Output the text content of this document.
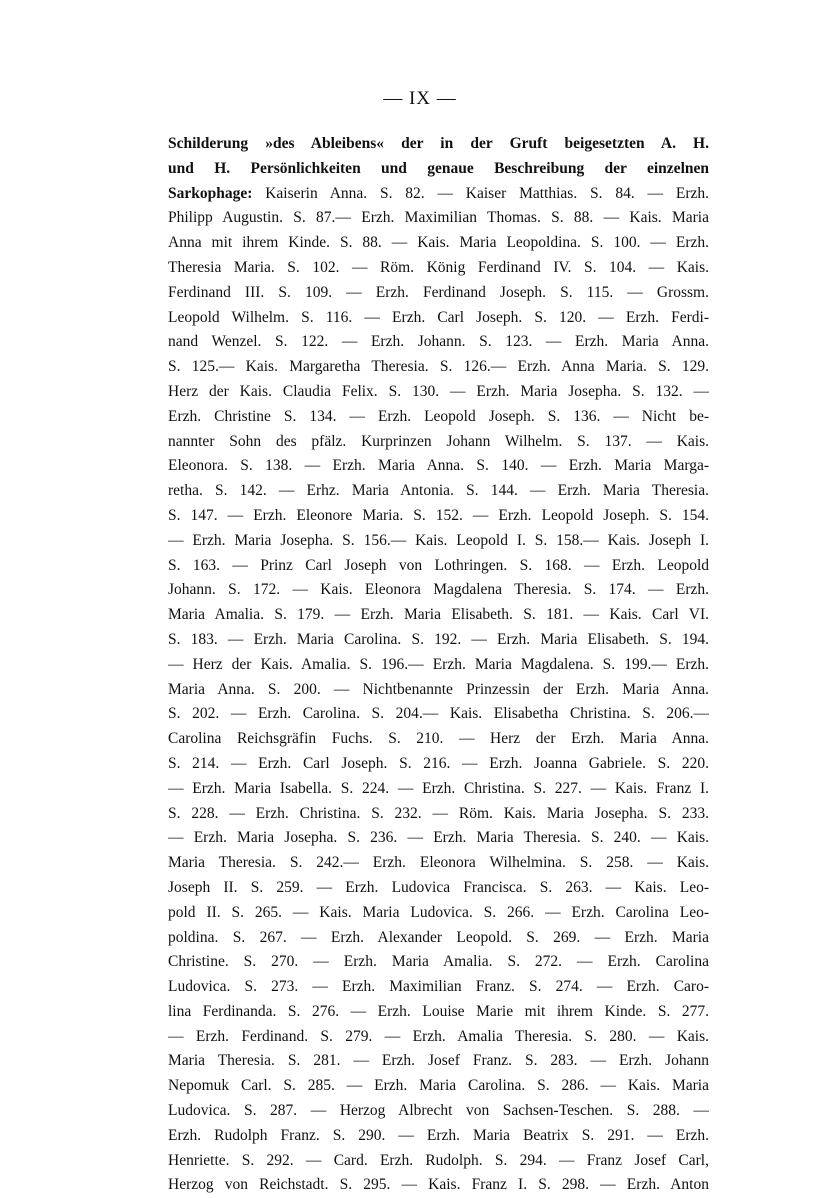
— IX —
Schilderung »des Ableibens« der in der Gruft beigesetzten A. H.
und H. Persönlichkeiten und genaue Beschreibung der einzelnen
Sarkophage: Kaiserin Anna. S. 82. — Kaiser Matthias. S. 84. — Erzh.
Philipp Augustin. S. 87.— Erzh. Maximilian Thomas. S. 88. — Kais. Maria
Anna mit ihrem Kinde. S. 88. — Kais. Maria Leopoldina. S. 100. — Erzh.
Theresia Maria. S. 102. — Röm. König Ferdinand IV. S. 104. — Kais.
Ferdinand III. S. 109. — Erzh. Ferdinand Joseph. S. 115. — Grossm.
Leopold Wilhelm. S. 116. — Erzh. Carl Joseph. S. 120. — Erzh. Ferdi-
nand Wenzel. S. 122. — Erzh. Johann. S. 123. — Erzh. Maria Anna.
S. 125.— Kais. Margaretha Theresia. S. 126.— Erzh. Anna Maria. S. 129.
Herz der Kais. Claudia Felix. S. 130. — Erzh. Maria Josepha. S. 132. —
Erzh. Christine S. 134. — Erzh. Leopold Joseph. S. 136. — Nicht be-
nannter Sohn des pfälz. Kurprinzen Johann Wilhelm. S. 137. — Kais.
Eleonora. S. 138. — Erzh. Maria Anna. S. 140. — Erzh. Maria Marga-
retha. S. 142. — Erhz. Maria Antonia. S. 144. — Erzh. Maria Theresia.
S. 147. — Erzh. Eleonore Maria. S. 152. — Erzh. Leopold Joseph. S. 154.
— Erzh. Maria Josepha. S. 156.— Kais. Leopold I. S. 158.— Kais. Joseph I.
S. 163. — Prinz Carl Joseph von Lothringen. S. 168. — Erzh. Leopold
Johann. S. 172. — Kais. Eleonora Magdalena Theresia. S. 174. — Erzh.
Maria Amalia. S. 179. — Erzh. Maria Elisabeth. S. 181. — Kais. Carl VI.
S. 183. — Erzh. Maria Carolina. S. 192. — Erzh. Maria Elisabeth. S. 194.
— Herz der Kais. Amalia. S. 196.— Erzh. Maria Magdalena. S. 199.— Erzh.
Maria Anna. S. 200. — Nichtbenannte Prinzessin der Erzh. Maria Anna.
S. 202. — Erzh. Carolina. S. 204.— Kais. Elisabetha Christina. S. 206.—
Carolina Reichsgräfin Fuchs. S. 210. — Herz der Erzh. Maria Anna.
S. 214. — Erzh. Carl Joseph. S. 216. — Erzh. Joanna Gabriele. S. 220.
— Erzh. Maria Isabella. S. 224. — Erzh. Christina. S. 227. — Kais. Franz I.
S. 228. — Erzh. Christina. S. 232. — Röm. Kais. Maria Josepha. S. 233.
— Erzh. Maria Josepha. S. 236. — Erzh. Maria Theresia. S. 240. — Kais.
Maria Theresia. S. 242.— Erzh. Eleonora Wilhelmina. S. 258. — Kais.
Joseph II. S. 259. — Erzh. Ludovica Francisca. S. 263. — Kais. Leo-
pold II. S. 265. — Kais. Maria Ludovica. S. 266. — Erzh. Carolina Leo-
poldina. S. 267. — Erzh. Alexander Leopold. S. 269. — Erzh. Maria
Christine. S. 270. — Erzh. Maria Amalia. S. 272. — Erzh. Carolina
Ludovica. S. 273. — Erzh. Maximilian Franz. S. 274. — Erzh. Caro-
lina Ferdinanda. S. 276. — Erzh. Louise Marie mit ihrem Kinde. S. 277.
— Erzh. Ferdinand. S. 279. — Erzh. Amalia Theresia. S. 280. — Kais.
Maria Theresia. S. 281. — Erzh. Josef Franz. S. 283. — Erzh. Johann
Nepomuk Carl. S. 285. — Erzh. Maria Carolina. S. 286. — Kais. Maria
Ludovica. S. 287. — Herzog Albrecht von Sachsen-Teschen. S. 288. —
Erzh. Rudolph Franz. S. 290. — Erzh. Maria Beatrix S. 291. — Erzh.
Henriette. S. 292. — Card. Erzh. Rudolph. S. 294. — Franz Josef Carl,
Herzog von Reichstadt. S. 295. — Kais. Franz I. S. 298. — Erzh. Anton
